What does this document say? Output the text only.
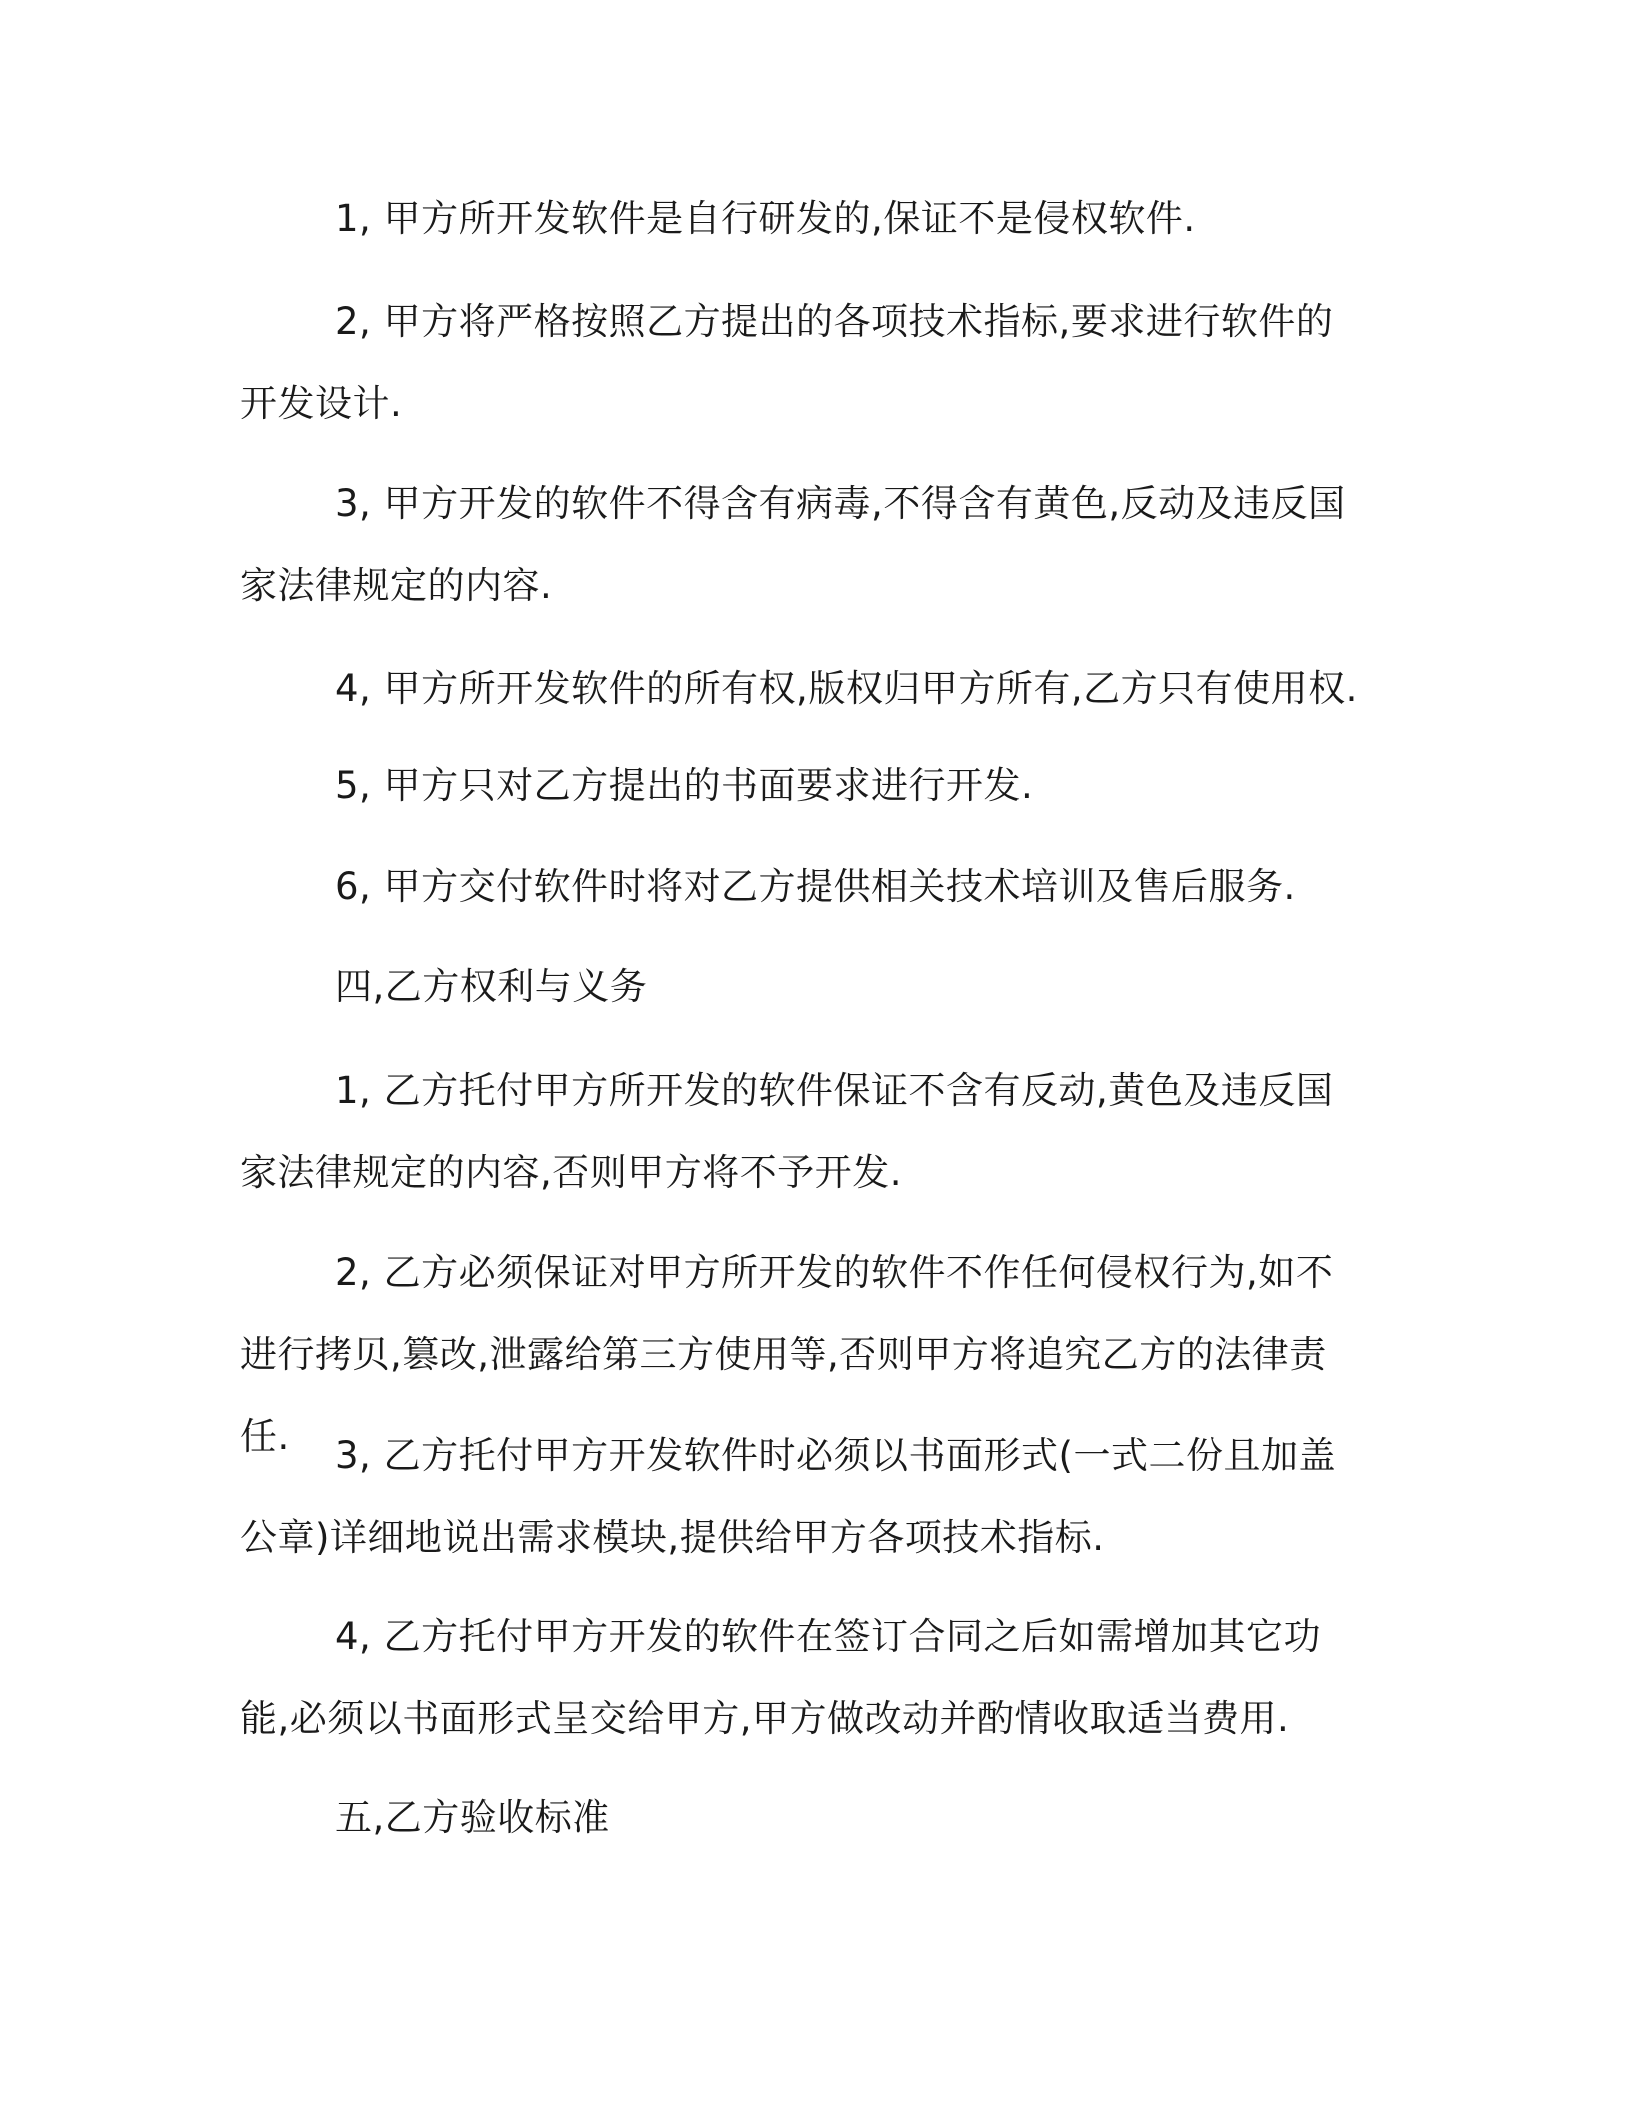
1, 甲方所开发软件是自行研发的,保证不是侵权软件.

2, 甲方将严格按照乙方提出的各项技术指标,要求进行软件的开发设计.

3, 甲方开发的软件不得含有病毒,不得含有黄色,反动及违反国家法律规定的内容.

4, 甲方所开发软件的所有权,版权归甲方所有,乙方只有使用权.

5, 甲方只对乙方提出的书面要求进行开发.

6, 甲方交付软件时将对乙方提供相关技术培训及售后服务.

四,乙方权利与义务

1, 乙方托付甲方所开发的软件保证不含有反动,黄色及违反国家法律规定的内容,否则甲方将不予开发.

2, 乙方必须保证对甲方所开发的软件不作任何侵权行为,如不进行拷贝,篡改,泄露给第三方使用等,否则甲方将追究乙方的法律责任.	3, 乙方托付甲方开发软件时必须以书面形式(一式二份且加盖公章)详细地说出需求模块,提供给甲方各项技术指标.

4, 乙方托付甲方开发的软件在签订合同之后如需增加其它功能,必须以书面形式呈交给甲方,甲方做改动并酌情收取适当费用.

五,乙方验收标准
